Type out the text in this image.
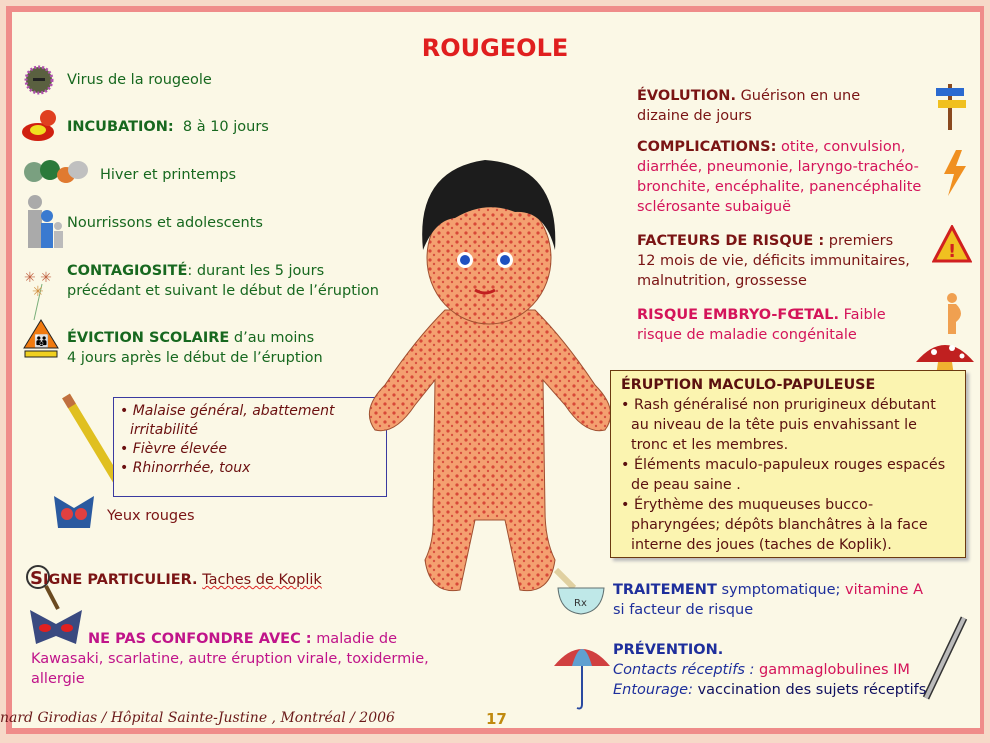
ROUGEOLE
✳ ✳
✳
👪
Virus de la rougeole
INCUBATION: 8 à 10 jours
Hiver et printemps
Nourrissons et adolescents
CONTAGIOSITÉ: durant les 5 jours
précédant et suivant le début de l’éruption
ÉVICTION SCOLAIRE d’au moins
4 jours après le début de l’éruption
• Malaise général, abattement
irritabilité
• Fièvre élevée
• Rhinorrhée, toux
Yeux rouges
SIGNE PARTICULIER. Taches de Koplik
NE PAS CONFONDRE AVEC : maladie de
Kawasaki, scarlatine, autre éruption virale, toxidermie,
allergie
ÉVOLUTION. Guérison en une
dizaine de jours
COMPLICATIONS: otite, convulsion,
diarrhée, pneumonie, laryngo-trachéo-
bronchite, encéphalite, panencéphalite
sclérosante subaiguë
!
FACTEURS DE RISQUE : premiers
12 mois de vie, déficits immunitaires,
malnutrition, grossesse
RISQUE EMBRYO-FŒTAL. Faible
risque de maladie congénitale
ÉRUPTION MACULO-PAPULEUSE
• Rash généralisé non prurigineux débutant au niveau de la tête puis envahissant le tronc et les membres.
• Éléments maculo-papuleux rouges espacés de peau saine .
• Érythème des muqueuses bucco-pharyngées; dépôts blanchâtres à la face interne des joues (taches de Koplik).
Rx
TRAITEMENT symptomatique; vitamine A
si facteur de risque
PRÉVENTION.
Contacts réceptifs : gammaglobulines IM
Entourage: vaccination des sujets réceptifs
nard Girodias / Hôpital Sainte-Justine , Montréal / 2006	17
